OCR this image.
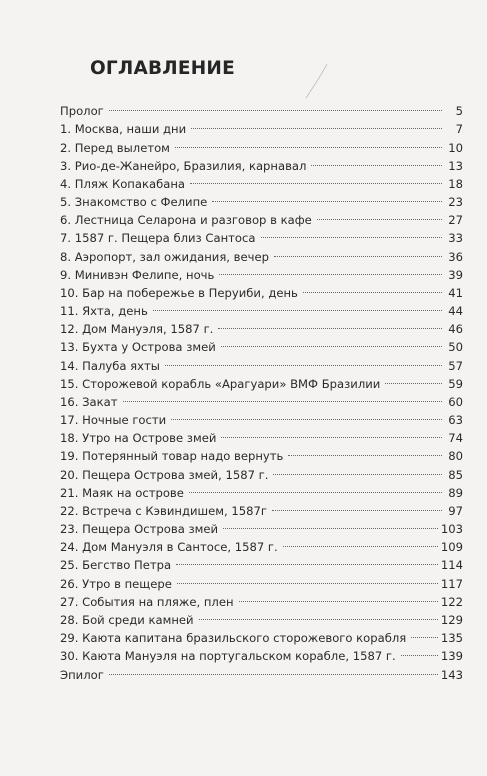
ОГЛАВЛЕНИЕ
Пролог	5
1. Москва, наши дни	7
2. Перед вылетом	10
3. Рио-де-Жанейро, Бразилия, карнавал	13
4. Пляж Копакабана	18
5. Знакомство с Фелипе	23
6. Лестница Селарона и разговор в кафе	27
7. 1587 г. Пещера близ Сантоса	33
8. Аэропорт, зал ожидания, вечер	36
9. Минивэн Фелипе, ночь	39
10. Бар на побережье в Перуиби, день	41
11. Яхта, день	44
12. Дом Мануэля, 1587 г.	46
13. Бухта у Острова змей	50
14. Палуба яхты	57
15. Сторожевой корабль «Арагуари» ВМФ Бразилии	59
16. Закат	60
17. Ночные гости	63
18. Утро на Острове змей	74
19. Потерянный товар надо вернуть	80
20. Пещера Острова змей, 1587 г.	85
21. Маяк на острове	89
22. Встреча с Кэвиндишем, 1587г	97
23. Пещера Острова змей	103
24. Дом Мануэля в Сантосе, 1587 г.	109
25. Бегство Петра	114
26. Утро в пещере	117
27. События на пляже, плен	122
28. Бой среди камней	129
29. Каюта капитана бразильского сторожевого корабля	135
30. Каюта Мануэля на португальском корабле, 1587 г.	139
Эпилог	143
